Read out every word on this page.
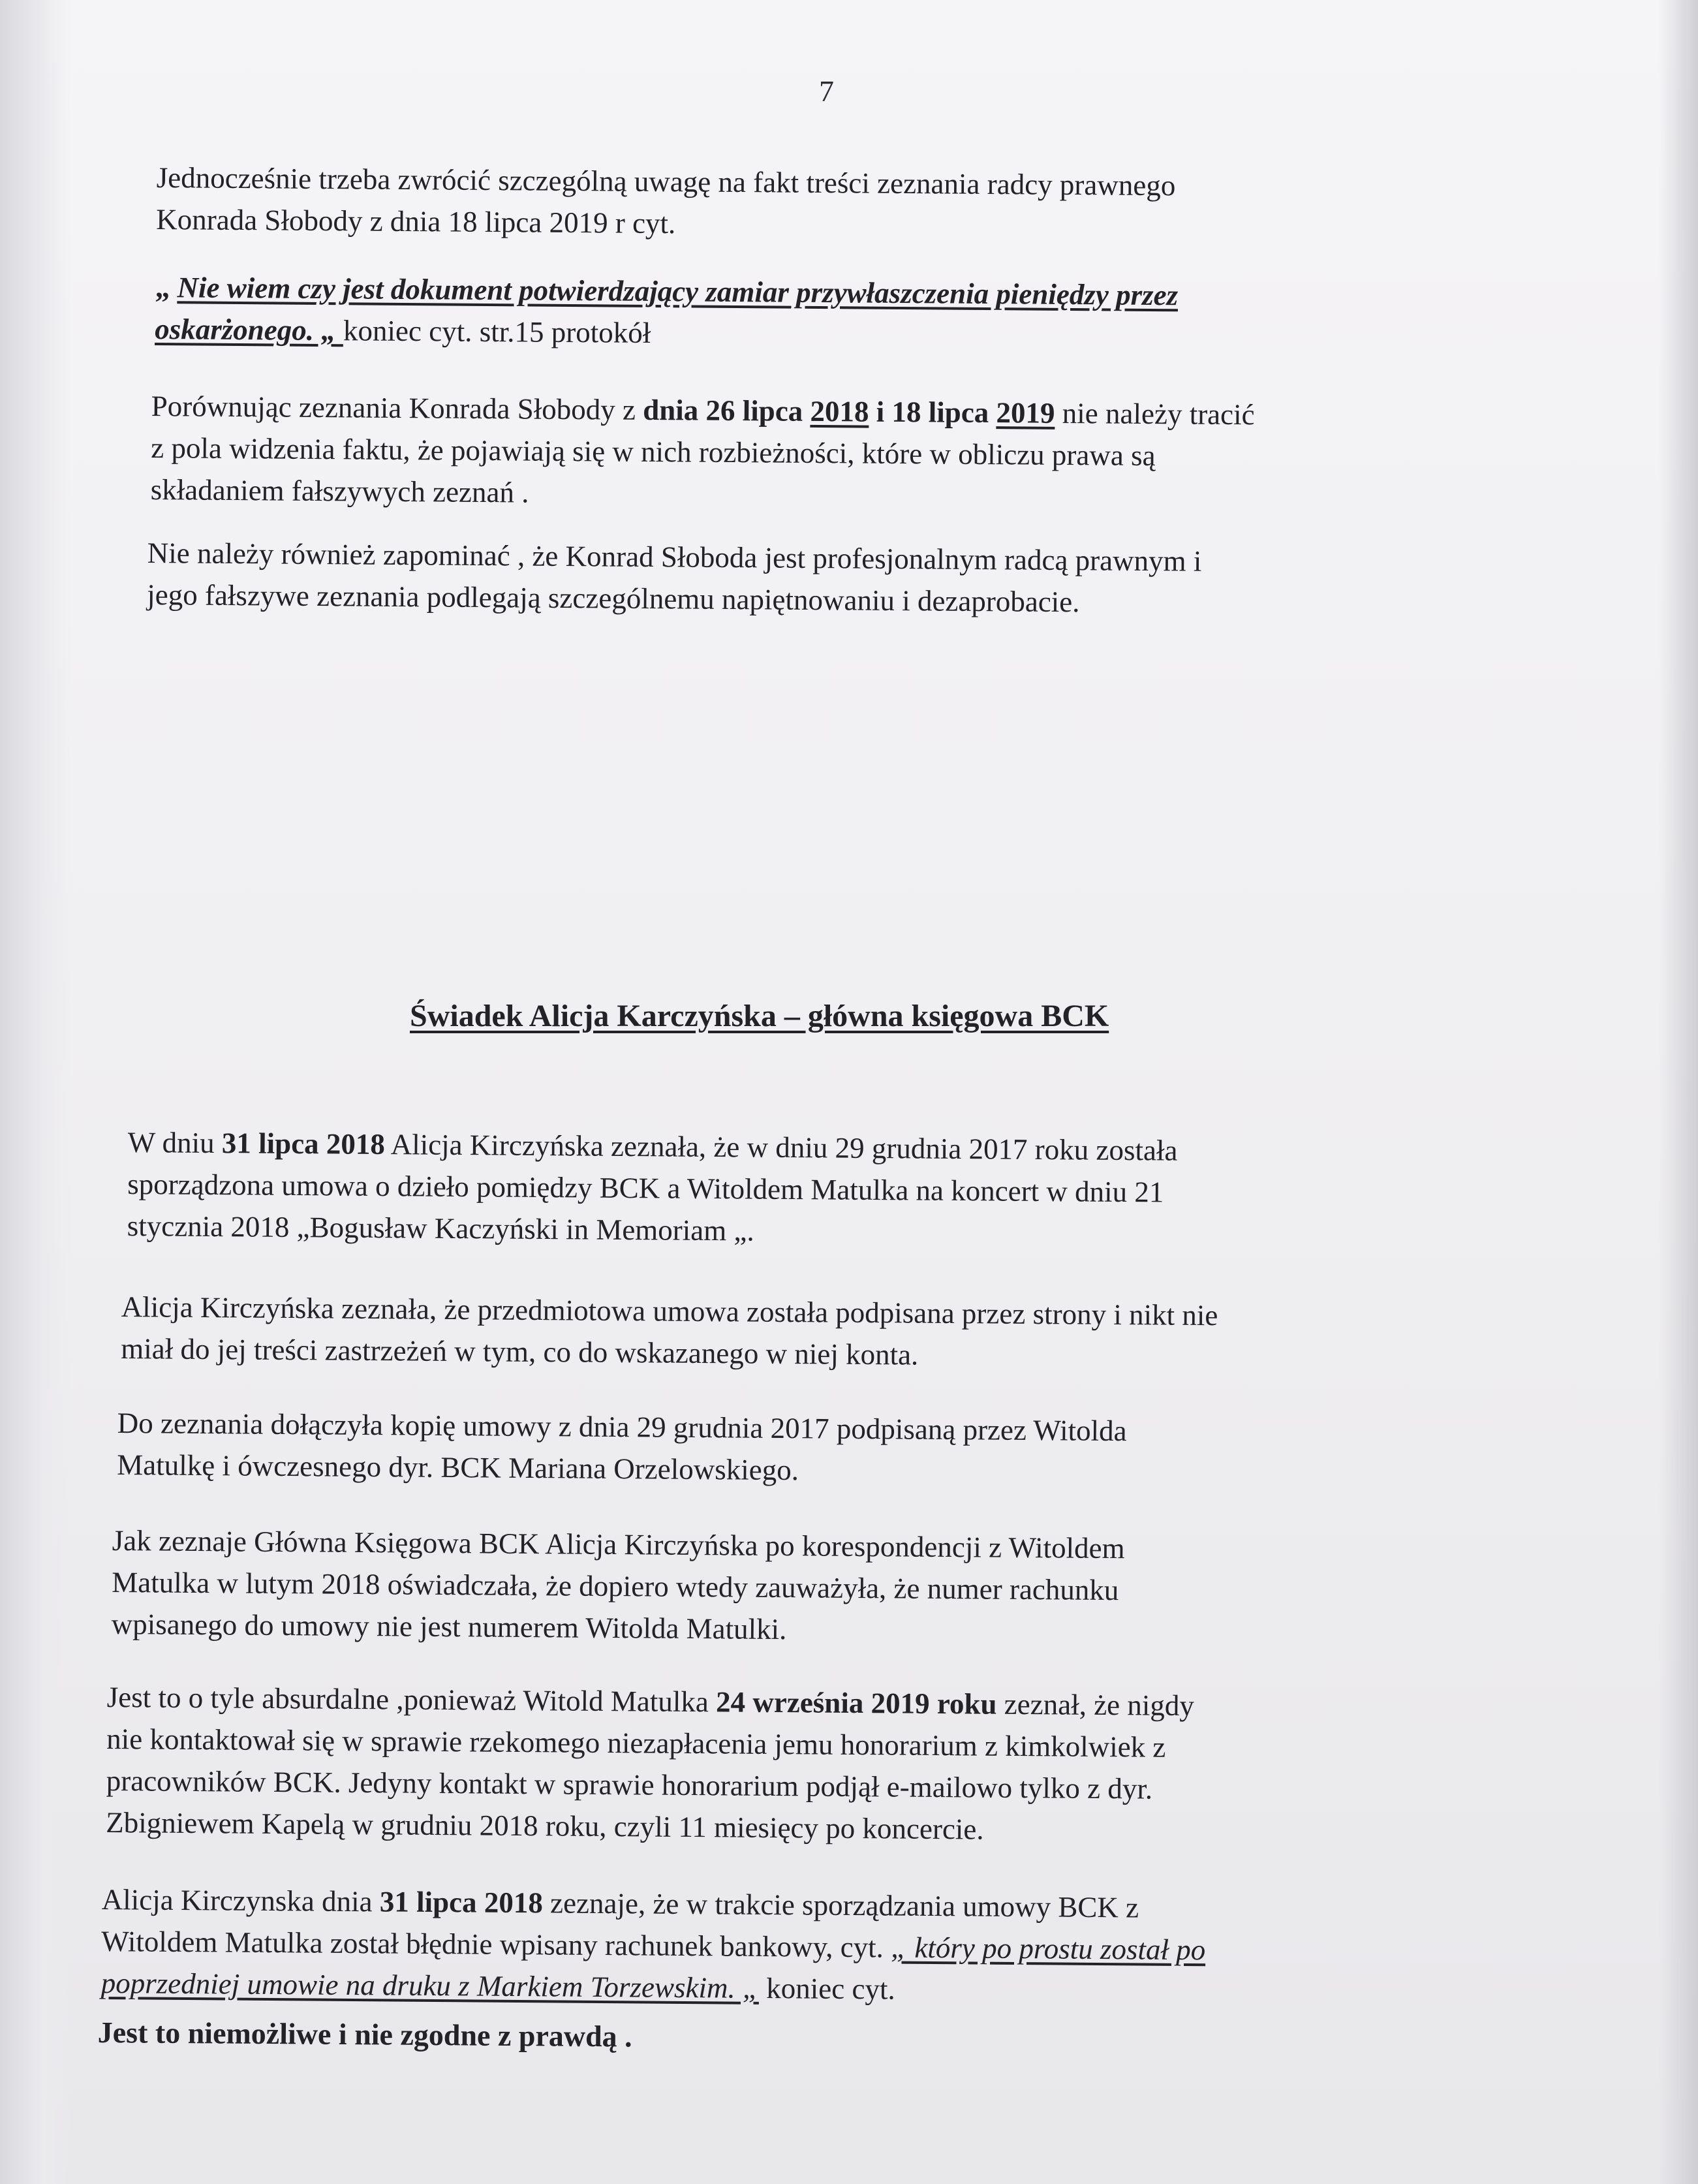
7
Jednocześnie trzeba zwrócić szczególną uwagę na fakt treści zeznania radcy prawnego
Konrada Słobody z dnia 18 lipca 2019 r cyt.
„ Nie wiem czy jest dokument potwierdzający zamiar przywłaszczenia pieniędzy przez
oskarżonego. „ koniec cyt. str.15 protokół
Porównując zeznania Konrada Słobody z dnia 26 lipca 2018 i 18 lipca 2019 nie należy tracić
z pola widzenia faktu, że pojawiają się w nich rozbieżności, które w obliczu prawa są
składaniem fałszywych zeznań .
Nie należy również zapominać , że Konrad Słoboda jest profesjonalnym radcą prawnym i
jego fałszywe zeznania podlegają szczególnemu napiętnowaniu i dezaprobacie.
Świadek Alicja Karczyńska – główna księgowa BCK
W dniu 31 lipca 2018 Alicja Kirczyńska zeznała, że w dniu 29 grudnia 2017 roku została
sporządzona umowa o dzieło pomiędzy BCK a Witoldem Matulka na koncert w dniu 21
stycznia 2018 „Bogusław Kaczyński in Memoriam „.
Alicja Kirczyńska zeznała, że przedmiotowa umowa została podpisana przez strony i nikt nie
miał do jej treści zastrzeżeń w tym, co do wskazanego w niej konta.
Do zeznania dołączyła kopię umowy z dnia 29 grudnia 2017 podpisaną przez Witolda
Matulkę i ówczesnego dyr. BCK Mariana Orzelowskiego.
Jak zeznaje Główna Księgowa BCK Alicja Kirczyńska po korespondencji z Witoldem
Matulka w lutym 2018 oświadczała, że dopiero wtedy zauważyła, że numer rachunku
wpisanego do umowy nie jest numerem Witolda Matulki.
Jest to o tyle absurdalne ,ponieważ Witold Matulka 24 września 2019 roku zeznał, że nigdy
nie kontaktował się w sprawie rzekomego niezapłacenia jemu honorarium z kimkolwiek z
pracowników BCK. Jedyny kontakt w sprawie honorarium podjął e-mailowo tylko z dyr.
Zbigniewem Kapelą w grudniu 2018 roku, czyli 11 miesięcy po koncercie.
Alicja Kirczynska dnia 31 lipca 2018 zeznaje, że w trakcie sporządzania umowy BCK z
Witoldem Matulka został błędnie wpisany rachunek bankowy, cyt. „ który po prostu został po
poprzedniej umowie na druku z Markiem Torzewskim. „ koniec cyt.
Jest to niemożliwe i nie zgodne z prawdą .
